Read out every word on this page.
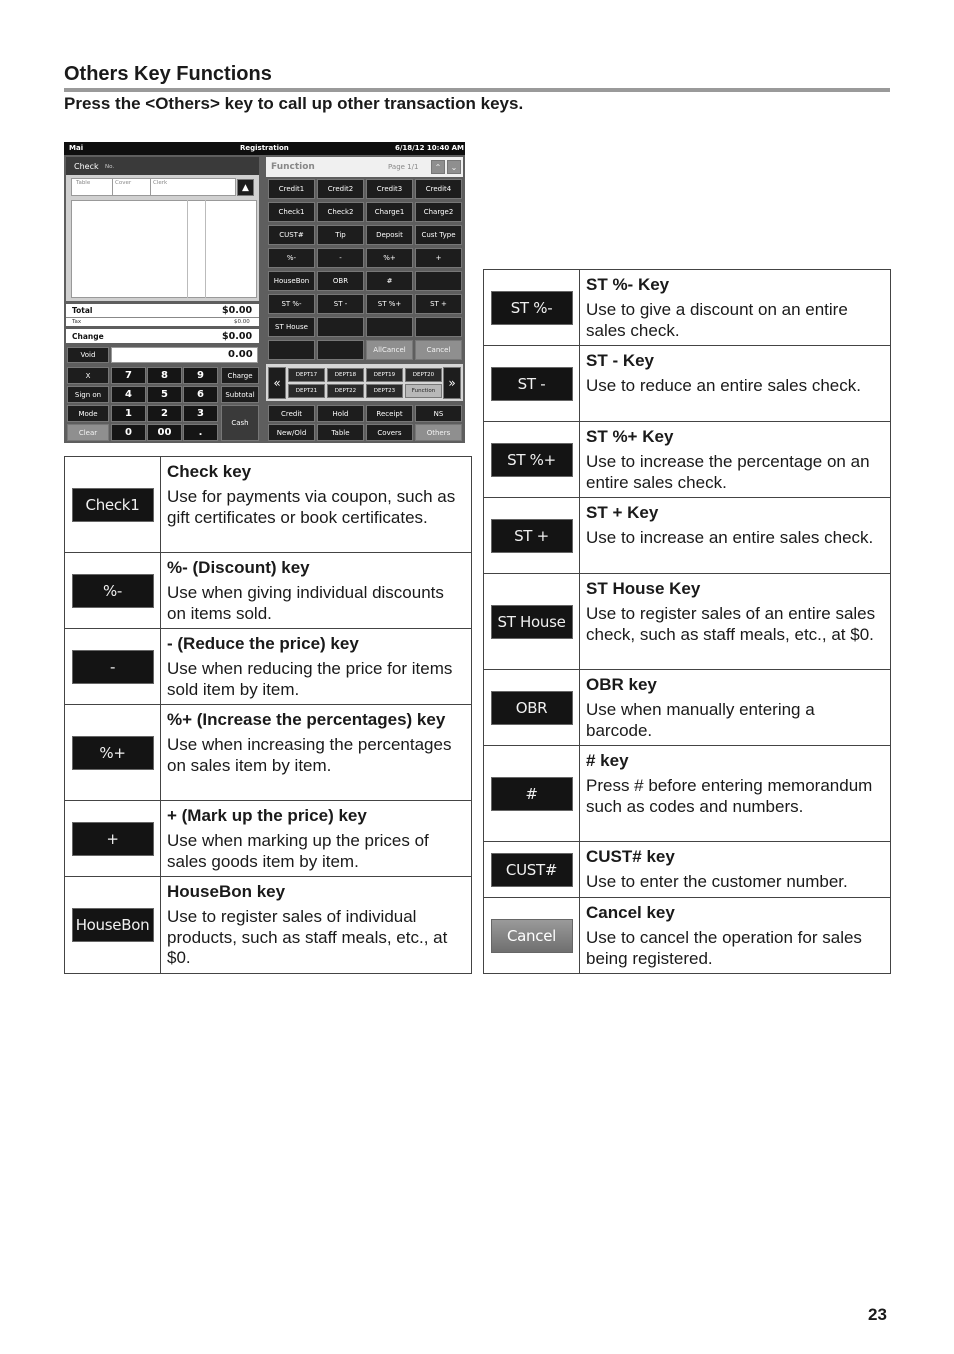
Others Key Functions
Press the <Others> key to call up other transaction keys.
Mai	Registration	6/18/12 10:40 AM
Check No.
Table	Cover	Clerk	▲
Total	$0.00
Tax	$0.00
Change	$0.00
Void	0.00
X
Sign on
Mode
Clear
7	8	9
4	5	6
1	2	3
0	00	.
Charge
Subtotal
Cash
Function	Page 1/1	⌃	⌄
Credit1	Credit2	Credit3	Credit4
Check1	Check2	Charge1	Charge2
CUST#	Tip	Deposit	Cust Type
%-	-	%+	+
HouseBon	OBR	#
ST %-	ST -	ST %+	ST +
ST House
AllCancel	Cancel
«	»
DEPT17	DEPT18	DEPT19	DEPT20
DEPT21	DEPT22	DEPT23	Function
Credit	Hold	Receipt	NS
New/Old	Table	Covers	Others
Check1	Check key
Use for payments via coupon, such as gift certificates or book certificates.

%-	%- (Discount) key
Use when giving individual discounts on items sold.

-	- (Reduce the price) key
Use when reducing the price for items sold item by item.

%+	%+ (Increase the percentages) key
Use when increasing the percentages on sales item by item.

+	+ (Mark up the price) key
Use when marking up the prices of sales goods item by item.

HouseBon	HouseBon key
Use to register sales of individual products, such as staff meals, etc., at $0.
ST %-	ST %- Key
Use to give a discount on an entire sales check.

ST -	ST - Key
Use to reduce an entire sales check.

ST %+	ST %+ Key
Use to increase the percentage on an entire sales check.

ST +	ST + Key
Use to increase an entire sales check.

ST House	ST House Key
Use to register sales of an entire sales check, such as staff meals, etc., at $0.

OBR	OBR key
Use when manually entering a barcode.

#	# key
Press # before entering memorandum such as codes and numbers.

CUST#	CUST# key
Use to enter the customer number.

Cancel	Cancel key
Use to cancel the operation for sales being registered.
23
